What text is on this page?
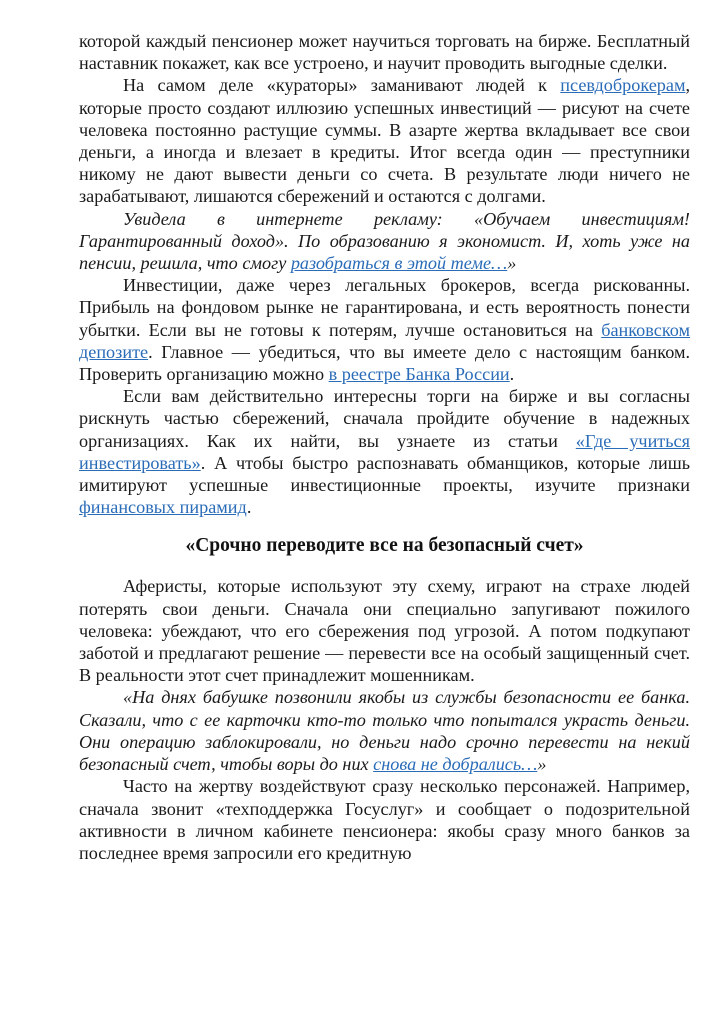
которой каждый пенсионер может научиться торговать на бирже. Бесплатный наставник покажет, как все устроено, и научит проводить выгодные сделки.

На самом деле «кураторы» заманивают людей к псевдоброкерам, которые просто создают иллюзию успешных инвестиций — рисуют на счете человека постоянно растущие суммы. В азарте жертва вкладывает все свои деньги, а иногда и влезает в кредиты. Итог всегда один — преступники никому не дают вывести деньги со счета. В результате люди ничего не зарабатывают, лишаются сбережений и остаются с долгами.

Увидела в интернете рекламу: «Обучаем инвестициям! Гарантированный доход». По образованию я экономист. И, хоть уже на пенсии, решила, что смогу разобраться в этой теме…»

Инвестиции, даже через легальных брокеров, всегда рискованны. Прибыль на фондовом рынке не гарантирована, и есть вероятность понести убытки. Если вы не готовы к потерям, лучше остановиться на банковском депозите. Главное — убедиться, что вы имеете дело с настоящим банком. Проверить организацию можно в реестре Банка России.

Если вам действительно интересны торги на бирже и вы согласны рискнуть частью сбережений, сначала пройдите обучение в надежных организациях. Как их найти, вы узнаете из статьи «Где учиться инвестировать». А чтобы быстро распознавать обманщиков, которые лишь имитируют успешные инвестиционные проекты, изучите признаки финансовых пирамид.

«Срочно переводите все на безопасный счет»

Аферисты, которые используют эту схему, играют на страхе людей потерять свои деньги. Сначала они специально запугивают пожилого человека: убеждают, что его сбережения под угрозой. А потом подкупают заботой и предлагают решение — перевести все на особый защищенный счет. В реальности этот счет принадлежит мошенникам.

«На днях бабушке позвонили якобы из службы безопасности ее банка. Сказали, что с ее карточки кто-то только что попытался украсть деньги. Они операцию заблокировали, но деньги надо срочно перевести на некий безопасный счет, чтобы воры до них снова не добрались…»

Часто на жертву воздействуют сразу несколько персонажей. Например, сначала звонит «техподдержка Госуслуг» и сообщает о подозрительной активности в личном кабинете пенсионера: якобы сразу много банков за последнее время запросили его кредитную
